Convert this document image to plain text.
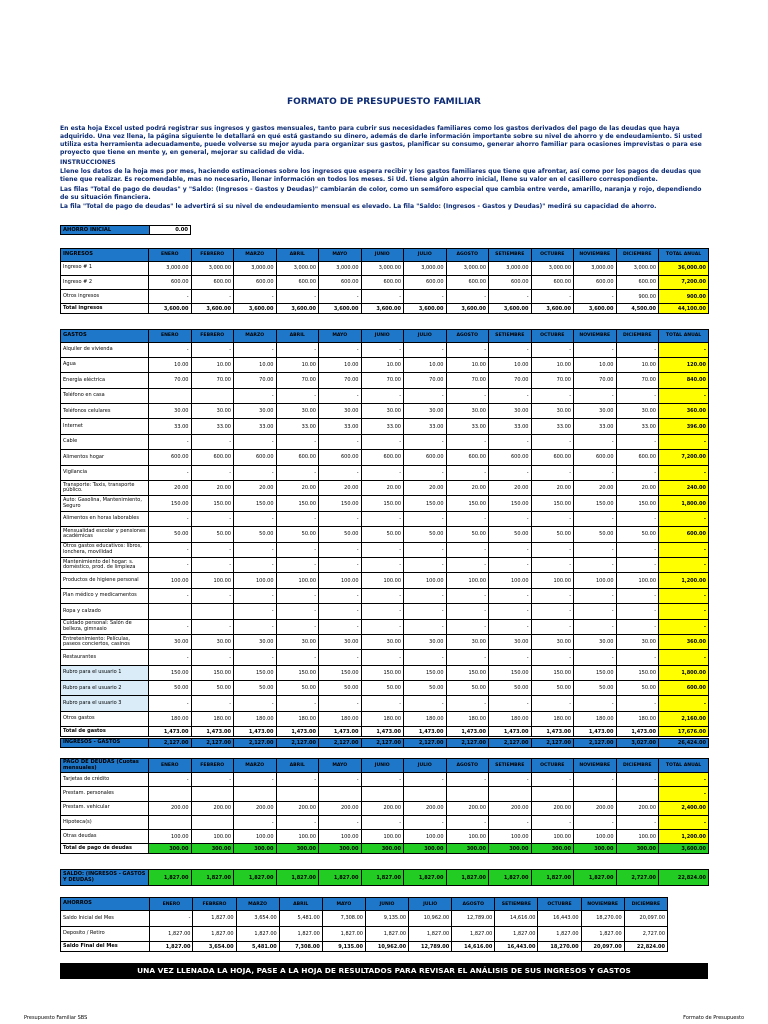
FORMATO DE PRESUPUESTO FAMILIAR

En esta hoja Excel usted podrá registrar sus ingresos y gastos mensuales, tanto para cubrir sus necesidades familiares como los gastos derivados del pago de las deudas que haya adquirido. Una vez llena, la página siguiente le detallará en qué está gastando su dinero, además de darle información importante sobre su nivel de ahorro y de endeudamiento. Si usted utiliza esta herramienta adecuadamente, puede volverse su mejor ayuda para organizar sus gastos, planificar su consumo, generar ahorro familiar para ocasiones imprevistas o para ese proyecto que tiene en mente y, en general, mejorar su calidad de vida.

INSTRUCCIONES

Llene los datos de la hoja mes por mes, haciendo estimaciones sobre los ingresos que espera recibir y los gastos familiares que tiene que afrontar, así como por los pagos de deudas que tiene que realizar. Es recomendable, mas no necesario, llenar información en todos los meses. Si Ud. tiene algún ahorro inicial, llene su valor en el casillero correspondiente.

Las filas "Total de pago de deudas" y "Saldo: (Ingresos - Gastos y Deudas)" cambiarán de color, como un semáforo especial que cambia entre verde, amarillo, naranja y rojo, dependiendo de su situación financiera.

La fila "Total de pago de deudas" le advertirá si su nivel de endeudamiento mensual es elevado. La fila "Saldo: (Ingresos - Gastos y Deudas)" medirá su capacidad de ahorro.

AHORRO INICIAL	0.00
INGRESOS	ENERO	FEBRERO	MARZO	ABRIL	MAYO	JUNIO	JULIO	AGOSTO	SETIEMBRE	OCTUBRE	NOVIEMBRE	DICIEMBRE	TOTAL ANUAL
Ingreso # 1	3,000.00	3,000.00	3,000.00	3,000.00	3,000.00	3,000.00	3,000.00	3,000.00	3,000.00	3,000.00	3,000.00	3,000.00	36,000.00
Ingreso # 2	600.00	600.00	600.00	600.00	600.00	600.00	600.00	600.00	600.00	600.00	600.00	600.00	7,200.00
Otros ingresos	-	-	-	-	-	-	-	-	-	-	-	900.00	900.00
Total ingresos	3,600.00	3,600.00	3,600.00	3,600.00	3,600.00	3,600.00	3,600.00	3,600.00	3,600.00	3,600.00	3,600.00	4,500.00	44,100.00
GASTOS	ENERO	FEBRERO	MARZO	ABRIL	MAYO	JUNIO	JULIO	AGOSTO	SETIEMBRE	OCTUBRE	NOVIEMBRE	DICIEMBRE	TOTAL ANUAL
Alquiler de vivienda	-	-	-	-	-	-	-	-	-	-	-	-	-
Agua	10.00	10.00	10.00	10.00	10.00	10.00	10.00	10.00	10.00	10.00	10.00	10.00	120.00
Energía eléctrica	70.00	70.00	70.00	70.00	70.00	70.00	70.00	70.00	70.00	70.00	70.00	70.00	840.00
Teléfono en casa			-	-	-	-	-	-	-	-	-	-	-
Teléfonos celulares	30.00	30.00	30.00	30.00	30.00	30.00	30.00	30.00	30.00	30.00	30.00	30.00	360.00
Internet	33.00	33.00	33.00	33.00	33.00	33.00	33.00	33.00	33.00	33.00	33.00	33.00	396.00
Cable	-	-	-	-	-	-	-	-	-	-	-	-	-
Alimentos hogar	600.00	600.00	600.00	600.00	600.00	600.00	600.00	600.00	600.00	600.00	600.00	600.00	7,200.00
Vigilancia	-	-	-	-	-	-	-	-	-	-	-	-	-
Transporte: Taxis, transporte público.	20.00	20.00	20.00	20.00	20.00	20.00	20.00	20.00	20.00	20.00	20.00	20.00	240.00
Auto: Gasolina, Mantenimiento, Seguro	150.00	150.00	150.00	150.00	150.00	150.00	150.00	150.00	150.00	150.00	150.00	150.00	1,800.00
Alimentos en horas laborables	-	-	-	-	-	-	-	-	-	-	-	-	-
Mensualidad escolar y pensiones académicas	50.00	50.00	50.00	50.00	50.00	50.00	50.00	50.00	50.00	50.00	50.00	50.00	600.00
Otros gastos educativos: libros, lonchera, movilidad	-	-	-	-	-	-	-	-	-	-	-	-	-
Mantenimiento del hogar: s. doméstico, prod. de limpieza	-	-	-	-	-	-	-	-	-	-	-	-	-
Productos de higiene personal	100.00	100.00	100.00	100.00	100.00	100.00	100.00	100.00	100.00	100.00	100.00	100.00	1,200.00
Plan médico y medicamentos	-	-	-	-	-	-	-	-	-	-	-	-	-
Ropa y calzado			-	-	-	-	-	-	-	-	-	-	-
Cuidado personal: Salón de belleza, gimnasio	-	-	-	-	-	-	-	-	-	-	-	-	-
Entretenimiento: Películas, paseos conciertos, casinos	30.00	30.00	30.00	30.00	30.00	30.00	30.00	30.00	30.00	30.00	30.00	30.00	360.00
Restaurantes	-	-	-	-	-	-	-	-	-	-	-	-	-
Rubro para el usuario 1	150.00	150.00	150.00	150.00	150.00	150.00	150.00	150.00	150.00	150.00	150.00	150.00	1,800.00
Rubro para el usuario 2	50.00	50.00	50.00	50.00	50.00	50.00	50.00	50.00	50.00	50.00	50.00	50.00	600.00
Rubro para el usuario 3	-	-	-	-	-	-	-	-	-	-	-	-	-
Otros gastos	180.00	180.00	180.00	180.00	180.00	180.00	180.00	180.00	180.00	180.00	180.00	180.00	2,160.00
Total de gastos	1,473.00	1,473.00	1,473.00	1,473.00	1,473.00	1,473.00	1,473.00	1,473.00	1,473.00	1,473.00	1,473.00	1,473.00	17,676.00
INGRESOS - GASTOS	2,127.00	2,127.00	2,127.00	2,127.00	2,127.00	2,127.00	2,127.00	2,127.00	2,127.00	2,127.00	2,127.00	3,027.00	26,424.00
PAGO DE DEUDAS (Cuotas mensuales)	ENERO	FEBRERO	MARZO	ABRIL	MAYO	JUNIO	JULIO	AGOSTO	SETIEMBRE	OCTUBRE	NOVIEMBRE	DICIEMBRE	TOTAL ANUAL
Tarjetas de crédito	-	-	-	-	-	-	-	-	-	-	-	-	-
Prestam. personales													-
Prestam. vehicular	200.00	200.00	200.00	200.00	200.00	200.00	200.00	200.00	200.00	200.00	200.00	200.00	2,400.00
Hipoteca(s)			-	-	-	-	-	-	-	-	-	-	-
Otras deudas	100.00	100.00	100.00	100.00	100.00	100.00	100.00	100.00	100.00	100.00	100.00	100.00	1,200.00
Total de pago de deudas	300.00	300.00	300.00	300.00	300.00	300.00	300.00	300.00	300.00	300.00	300.00	300.00	3,600.00
SALDO: (INGRESOS - GASTOS Y DEUDAS)	1,827.00	1,827.00	1,827.00	1,827.00	1,827.00	1,827.00	1,827.00	1,827.00	1,827.00	1,827.00	1,827.00	2,727.00	22,824.00
AHORROS	ENERO	FEBRERO	MARZO	ABRIL	MAYO	JUNIO	JULIO	AGOSTO	SETIEMBRE	OCTUBRE	NOVIEMBRE	DICIEMBRE
Saldo Inicial del Mes	-	1,827.00	3,654.00	5,481.00	7,308.00	9,135.00	10,962.00	12,789.00	14,616.00	16,443.00	18,270.00	20,097.00
Deposito / Retiro	1,827.00	1,827.00	1,827.00	1,827.00	1,827.00	1,827.00	1,827.00	1,827.00	1,827.00	1,827.00	1,827.00	2,727.00
Saldo Final del Mes	1,827.00	3,654.00	5,481.00	7,308.00	9,135.00	10,962.00	12,789.00	14,616.00	16,443.00	18,270.00	20,097.00	22,824.00
UNA VEZ LLENADA LA HOJA, PASE A LA HOJA DE RESULTADOS PARA REVISAR EL ANÁLISIS DE SUS INGRESOS Y GASTOS
Presupuesto Familiar SBS	Formato de Presupuesto
